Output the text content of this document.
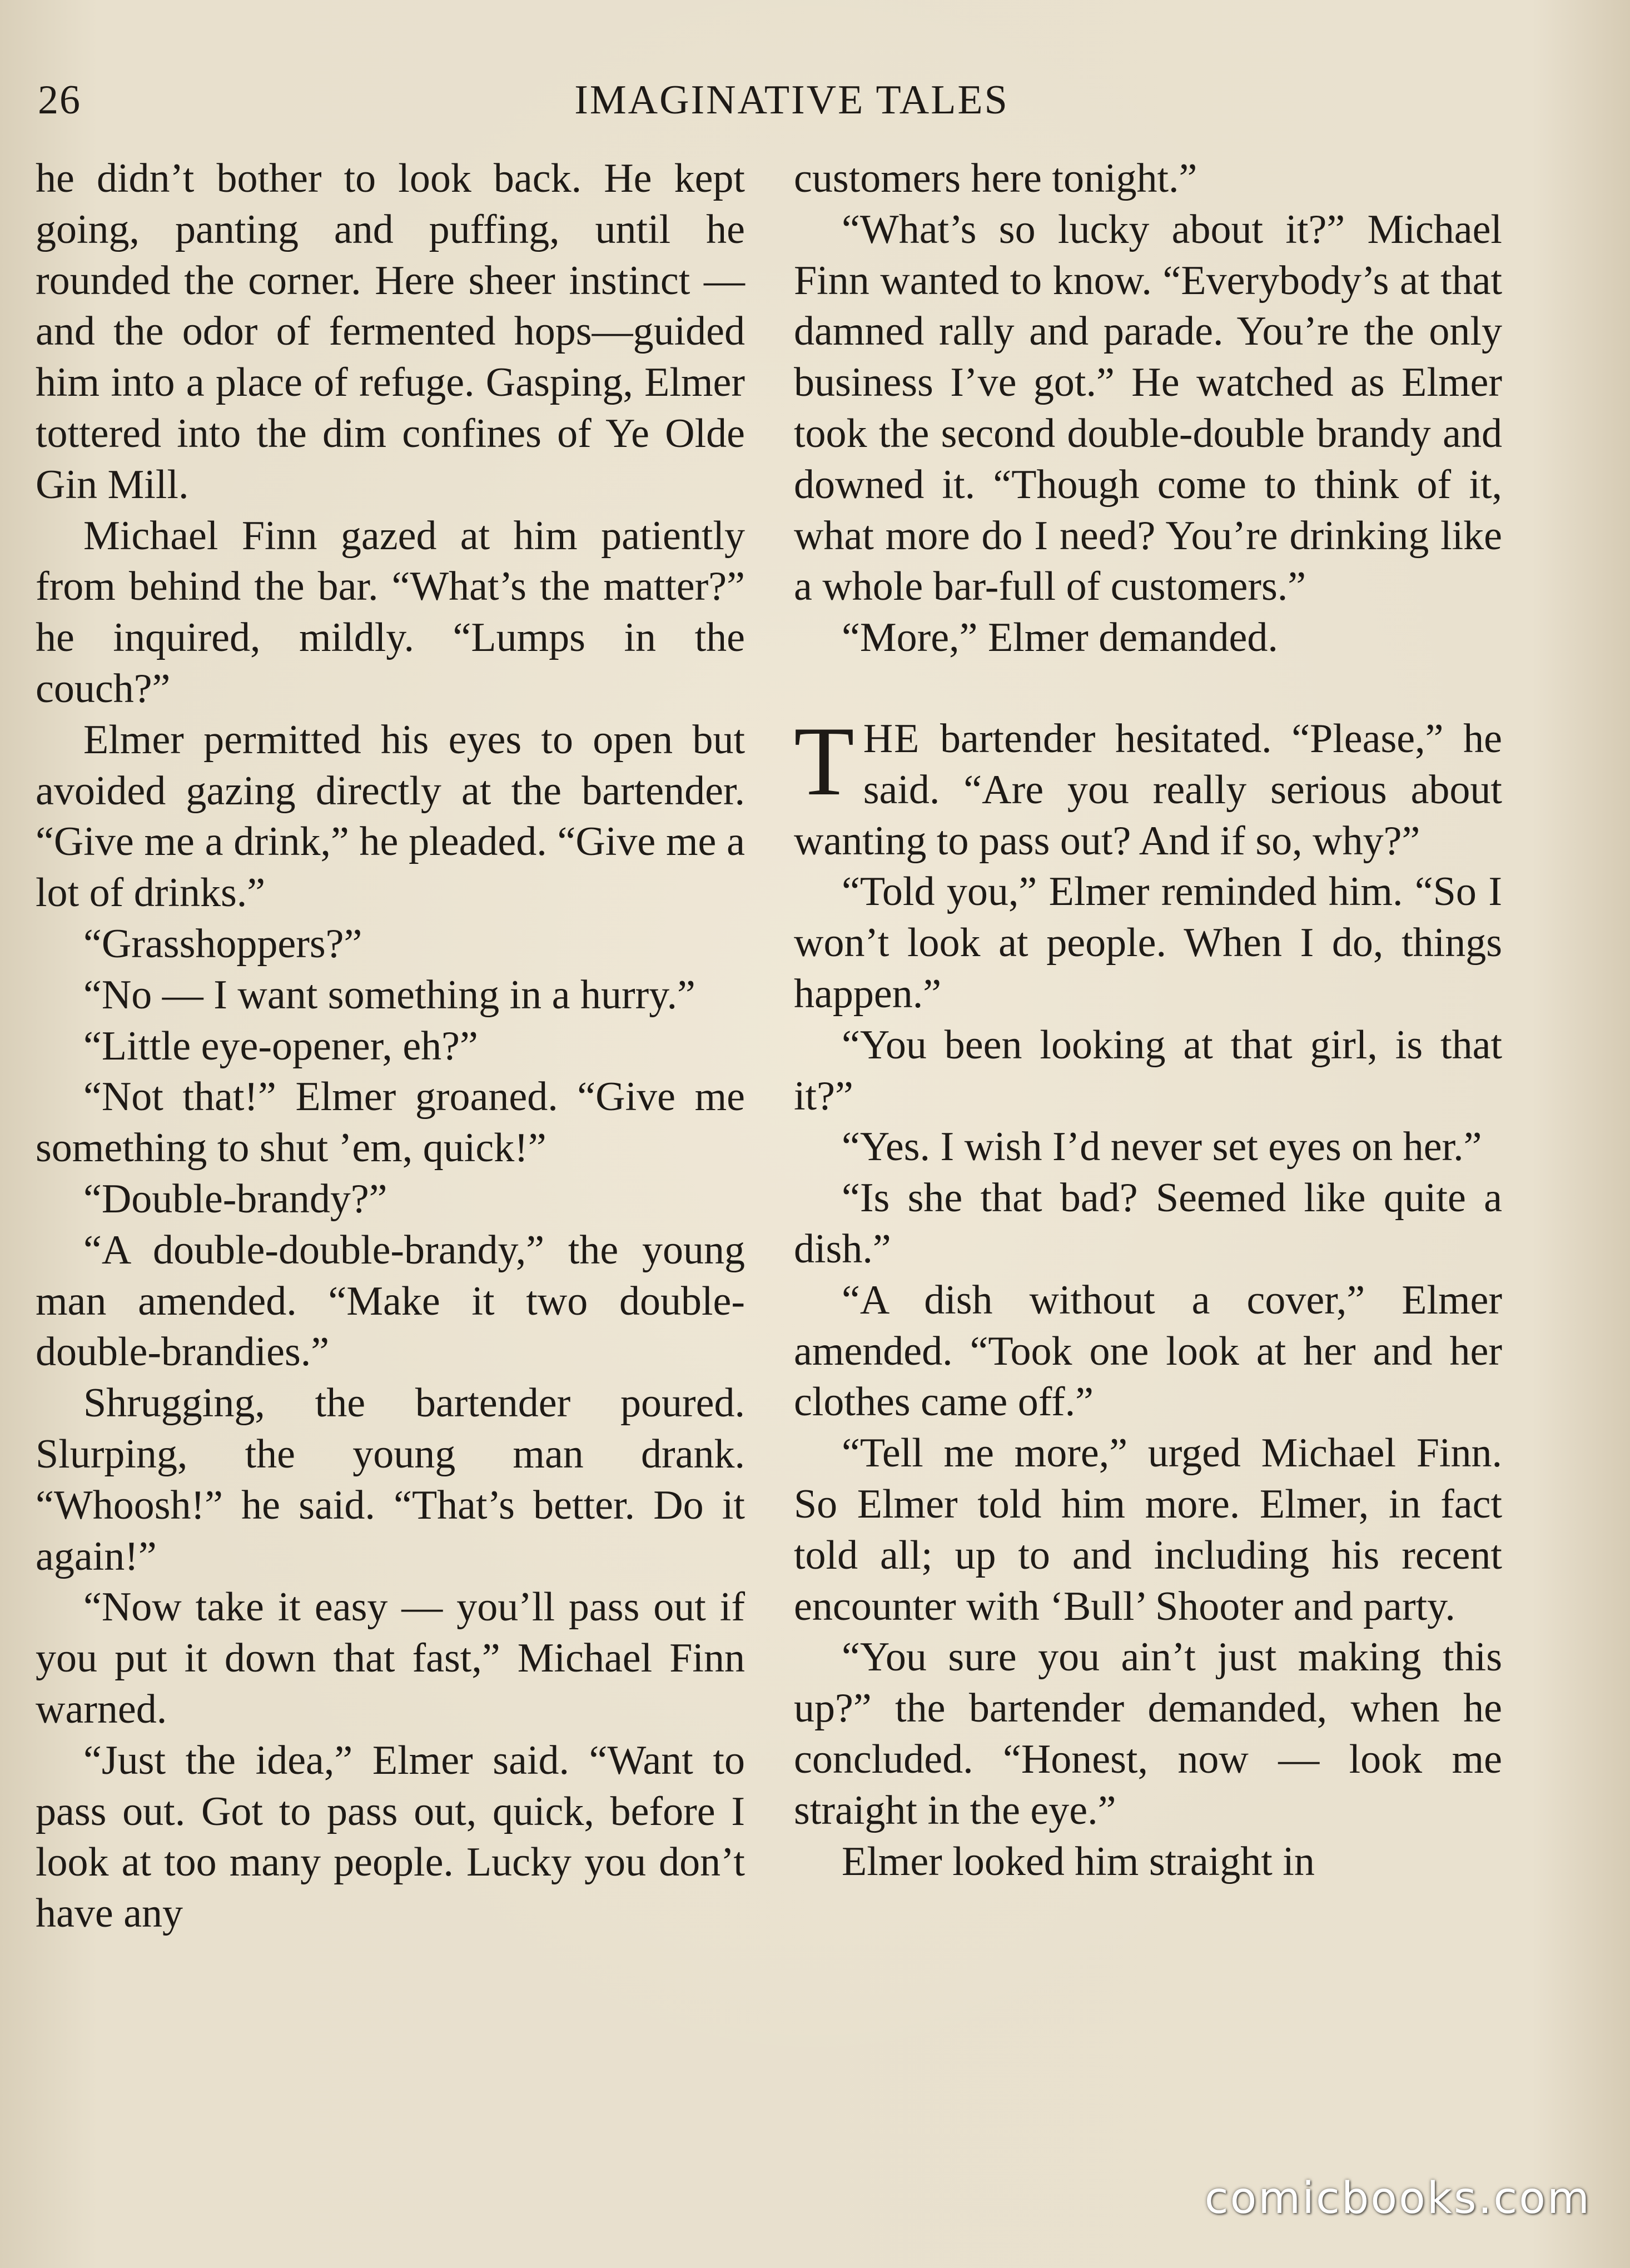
26	IMAGINATIVE TALES

he didn’t bother to look back. He kept going, panting and puffing, until he rounded the corner. Here sheer instinct — and the odor of fermented hops—guided him into a place of refuge. Gasping, Elmer tottered into the dim confines of Ye Olde Gin Mill.

Michael Finn gazed at him patiently from behind the bar. “What’s the matter?” he inquired, mildly. “Lumps in the couch?”

Elmer permitted his eyes to open but avoided gazing directly at the bartender. “Give me a drink,” he pleaded. “Give me a lot of drinks.”

“Grasshoppers?”

“No — I want something in a hurry.”

“Little eye-opener, eh?”

“Not that!” Elmer groaned. “Give me something to shut ’em, quick!”

“Double-brandy?”

“A double-double-brandy,” the young man amended. “Make it two double-double-brandies.”

Shrugging, the bartender poured. Slurping, the young man drank. “Whoosh!” he said. “That’s better. Do it again!”

“Now take it easy — you’ll pass out if you put it down that fast,” Michael Finn warned.

“Just the idea,” Elmer said. “Want to pass out. Got to pass out, quick, before I look at too many people. Lucky you don’t have any

customers here tonight.”

“What’s so lucky about it?” Michael Finn wanted to know. “Everybody’s at that damned rally and parade. You’re the only business I’ve got.” He watched as Elmer took the second double-double brandy and downed it. “Though come to think of it, what more do I need? You’re drinking like a whole bar-full of customers.”

“More,” Elmer demanded.

THE bartender hesitated. “Please,” he said. “Are you really serious about wanting to pass out? And if so, why?”

“Told you,” Elmer reminded him. “So I won’t look at people. When I do, things happen.”

“You been looking at that girl, is that it?”

“Yes. I wish I’d never set eyes on her.”

“Is she that bad? Seemed like quite a dish.”

“A dish without a cover,” Elmer amended. “Took one look at her and her clothes came off.”

“Tell me more,” urged Michael Finn. So Elmer told him more. Elmer, in fact told all; up to and including his recent encounter with ‘Bull’ Shooter and party.

“You sure you ain’t just making this up?” the bartender demanded, when he concluded. “Honest, now — look me straight in the eye.”

Elmer looked him straight in

comicbooks.com
